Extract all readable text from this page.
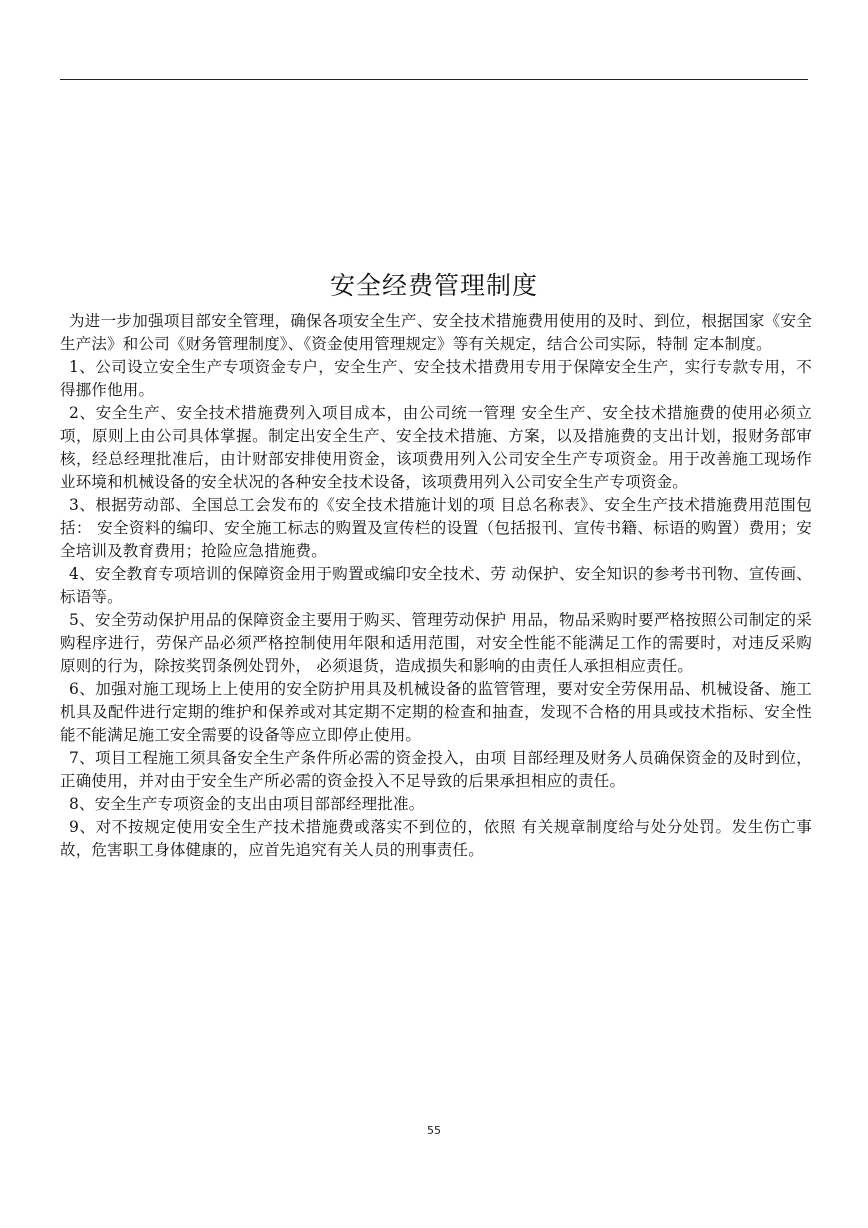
安全经费管理制度

为进一步加强项目部安全管理，确保各项安全生产、安全技术措施费用使用的及时、到位，根据国家《安全生产法》和公司《财务管理制度》、《资金使用管理规定》等有关规定，结合公司实际，特制 定本制度。

1、公司设立安全生产专项资金专户，安全生产、安全技术措费用专用于保障安全生产，实行专款专用，不得挪作他用。

2、安全生产、安全技术措施费列入项目成本，由公司统一管理 安全生产、安全技术措施费的使用必须立项，原则上由公司具体掌握。制定出安全生产、安全技术措施、方案，以及措施费的支出计划，报财务部审核，经总经理批准后，由计财部安排使用资金，该项费用列入公司安全生产专项资金。用于改善施工现场作业环境和机械设备的安全状况的各种安全技术设备，该项费用列入公司安全生产专项资金。

3、根据劳动部、全国总工会发布的《安全技术措施计划的项 目总名称表》、安全生产技术措施费用范围包括： 安全资料的编印、安全施工标志的购置及宣传栏的设置（包括报刊、宣传书籍、标语的购置）费用；安全培训及教育费用；抢险应急措施费。

4、安全教育专项培训的保障资金用于购置或编印安全技术、劳 动保护、安全知识的参考书刊物、宣传画、标语等。

5、安全劳动保护用品的保障资金主要用于购买、管理劳动保护 用品，物品采购时要严格按照公司制定的采购程序进行，劳保产品必须严格控制使用年限和适用范围，对安全性能不能满足工作的需要时，对违反采购原则的行为，除按奖罚条例处罚外， 必须退货，造成损失和影响的由责任人承担相应责任。

6、加强对施工现场上上使用的安全防护用具及机械设备的监管管理，要对安全劳保用品、机械设备、施工机具及配件进行定期的维护和保养或对其定期不定期的检查和抽查，发现不合格的用具或技术指标、安全性能不能满足施工安全需要的设备等应立即停止使用。

7、项目工程施工须具备安全生产条件所必需的资金投入，由项 目部经理及财务人员确保资金的及时到位，正确使用，并对由于安全生产所必需的资金投入不足导致的后果承担相应的责任。

8、安全生产专项资金的支出由项目部部经理批准。

9、对不按规定使用安全生产技术措施费或落实不到位的，依照 有关规章制度给与处分处罚。发生伤亡事故，危害职工身体健康的，应首先追究有关人员的刑事责任。

55
